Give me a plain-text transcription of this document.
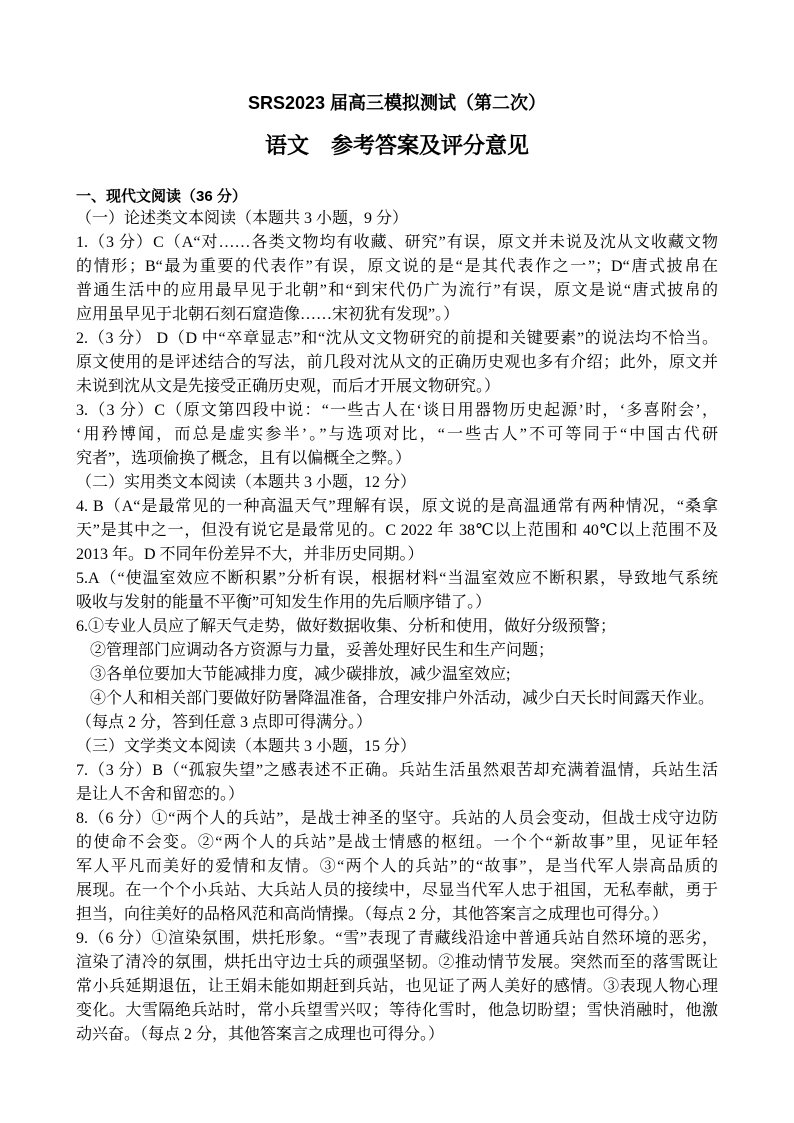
SRS2023 届高三模拟测试（第二次）
语文　参考答案及评分意见
一、现代文阅读（36 分）
（一）论述类文本阅读（本题共 3 小题，9 分）
1.（3 分）C（A“对……各类文物均有收藏、研究”有误，原文并未说及沈从文收藏文物
的情形；B“最为重要的代表作”有误，原文说的是“是其代表作之一”；D“唐式披帛在
普通生活中的应用最早见于北朝”和“到宋代仍广为流行”有误，原文是说“唐式披帛的
应用虽早见于北朝石刻石窟造像……宋初犹有发现”。）
2.（3 分） D（D 中“卒章显志”和“沈从文文物研究的前提和关键要素”的说法均不恰当。
原文使用的是评述结合的写法，前几段对沈从文的正确历史观也多有介绍；此外，原文并
未说到沈从文是先接受正确历史观，而后才开展文物研究。）
3.（3 分）C（原文第四段中说：“一些古人在‘谈日用器物历史起源’时，‘多喜附会’，
‘用矜博闻，而总是虚实参半’。”与选项对比，“一些古人”不可等同于“中国古代研
究者”，选项偷换了概念，且有以偏概全之弊。）
（二）实用类文本阅读（本题共 3 小题，12 分）
4. B（A“是最常见的一种高温天气”理解有误，原文说的是高温通常有两种情况，“桑拿
天”是其中之一，但没有说它是最常见的。C 2022 年 38℃以上范围和 40℃以上范围不及
2013 年。D 不同年份差异不大，并非历史同期。）
5.A（“使温室效应不断积累”分析有误，根据材料“当温室效应不断积累，导致地气系统
吸收与发射的能量不平衡”可知发生作用的先后顺序错了。）
6.①专业人员应了解天气走势，做好数据收集、分析和使用，做好分级预警；
②管理部门应调动各方资源与力量，妥善处理好民生和生产问题；
③各单位要加大节能减排力度，减少碳排放，减少温室效应;
④个人和相关部门要做好防暑降温准备，合理安排户外活动，减少白天长时间露天作业。
（每点 2 分，答到任意 3 点即可得满分。）
（三）文学类文本阅读（本题共 3 小题，15 分）
7.（3 分）B（“孤寂失望”之感表述不正确。兵站生活虽然艰苦却充满着温情，兵站生活
是让人不舍和留恋的。）
8.（6 分）①“两个人的兵站”，是战士神圣的坚守。兵站的人员会变动，但战士戍守边防
的使命不会变。②“两个人的兵站”是战士情感的枢纽。一个个“新故事”里，见证年轻
军人平凡而美好的爱情和友情。③“两个人的兵站”的“故事”，是当代军人崇高品质的
展现。在一个个小兵站、大兵站人员的接续中，尽显当代军人忠于祖国，无私奉献，勇于
担当，向往美好的品格风范和高尚情操。（每点 2 分，其他答案言之成理也可得分。）
9.（6 分）①渲染氛围，烘托形象。“雪”表现了青藏线沿途中普通兵站自然环境的恶劣，
渲染了清冷的氛围，烘托出守边士兵的顽强坚韧。②推动情节发展。突然而至的落雪既让
常小兵延期退伍，让王娟未能如期赶到兵站，也见证了两人美好的感情。③表现人物心理
变化。大雪隔绝兵站时，常小兵望雪兴叹；等待化雪时，他急切盼望；雪快消融时，他激
动兴奋。（每点 2 分，其他答案言之成理也可得分。）
